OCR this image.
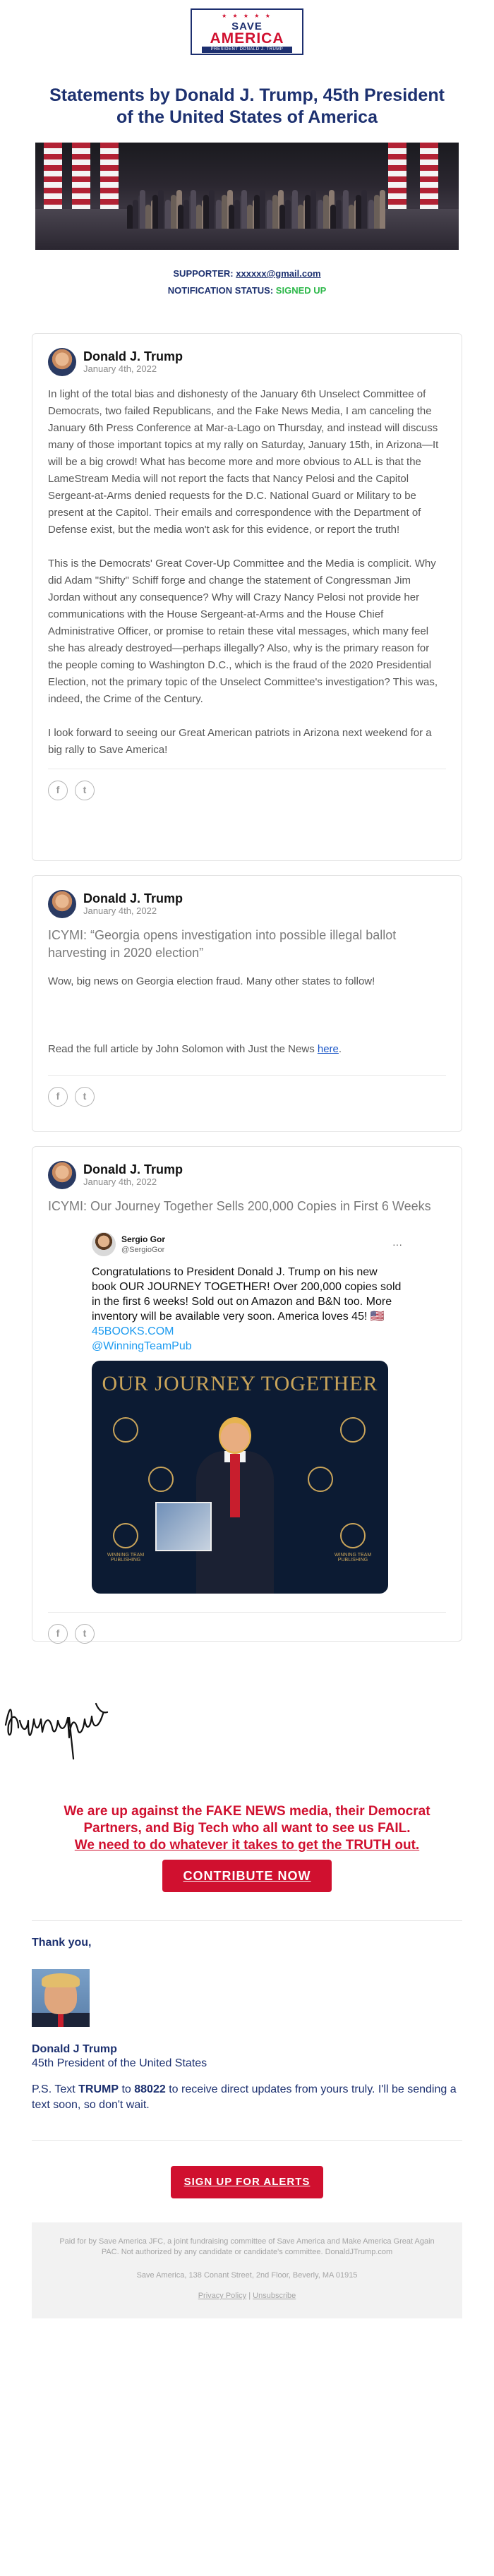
★ ★ ★ ★ ★
SAVE
AMERICA
PRESIDENT DONALD J. TRUMP
Statements by Donald J. Trump, 45th President of the United States of America
SUPPORTER: xxxxxx@gmail.com
NOTIFICATION STATUS: SIGNED UP
Donald J. Trump
January 4th, 2022

In light of the total bias and dishonesty of the January 6th Unselect Committee of Democrats, two failed Republicans, and the Fake News Media, I am canceling the January 6th Press Conference at Mar-a-Lago on Thursday, and instead will discuss many of those important topics at my rally on Saturday, January 15th, in Arizona—It will be a big crowd! What has become more and more obvious to ALL is that the LameStream Media will not report the facts that Nancy Pelosi and the Capitol Sergeant-at-Arms denied requests for the D.C. National Guard or Military to be present at the Capitol. Their emails and correspondence with the Department of Defense exist, but the media won't ask for this evidence, or report the truth!

This is the Democrats' Great Cover-Up Committee and the Media is complicit. Why did Adam "Shifty" Schiff forge and change the statement of Congressman Jim Jordan without any consequence? Why will Crazy Nancy Pelosi not provide her communications with the House Sergeant-at-Arms and the House Chief Administrative Officer, or promise to retain these vital messages, which many feel she has already destroyed—perhaps illegally? Also, why is the primary reason for the people coming to Washington D.C., which is the fraud of the 2020 Presidential Election, not the primary topic of the Unselect Committee's investigation? This was, indeed, the Crime of the Century.

I look forward to seeing our Great American patriots in Arizona next weekend for a big rally to Save America!

f	t
Donald J. Trump
January 4th, 2022
ICYMI: “Georgia opens investigation into possible illegal ballot harvesting in 2020 election”

Wow, big news on Georgia election fraud. Many other states to follow!

Read the full article by John Solomon with Just the News here.

f	t
Donald J. Trump
January 4th, 2022
ICYMI: Our Journey Together Sells 200,000 Copies in First 6 Weeks
Sergio Gor
@SergioGor	···
Congratulations to President Donald J. Trump on his new book OUR JOURNEY TOGETHER! Over 200,000 copies sold in the first 6 weeks! Sold out on Amazon and B&N too. More inventory will be available very soon. America loves 45! 🇺🇸 45BOOKS.COM
@WinningTeamPub
OUR JOURNEY TOGETHER
WINNING TEAM PUBLISHING
WINNING TEAM PUBLISHING
f	t
We are up against the FAKE NEWS media, their Democrat Partners, and Big Tech who all want to see us FAIL.
We need to do whatever it takes to get the TRUTH out.
CONTRIBUTE NOW
Thank you,
Donald J Trump
45th President of the United States
P.S. Text TRUMP to 88022 to receive direct updates from yours truly. I'll be sending a text soon, so don't wait.
SIGN UP FOR ALERTS
Paid for by Save America JFC, a joint fundraising committee of Save America and Make America Great Again PAC. Not authorized by any candidate or candidate's committee. DonaldJTrump.com
Save America, 138 Conant Street, 2nd Floor, Beverly, MA 01915
Privacy Policy | Unsubscribe
